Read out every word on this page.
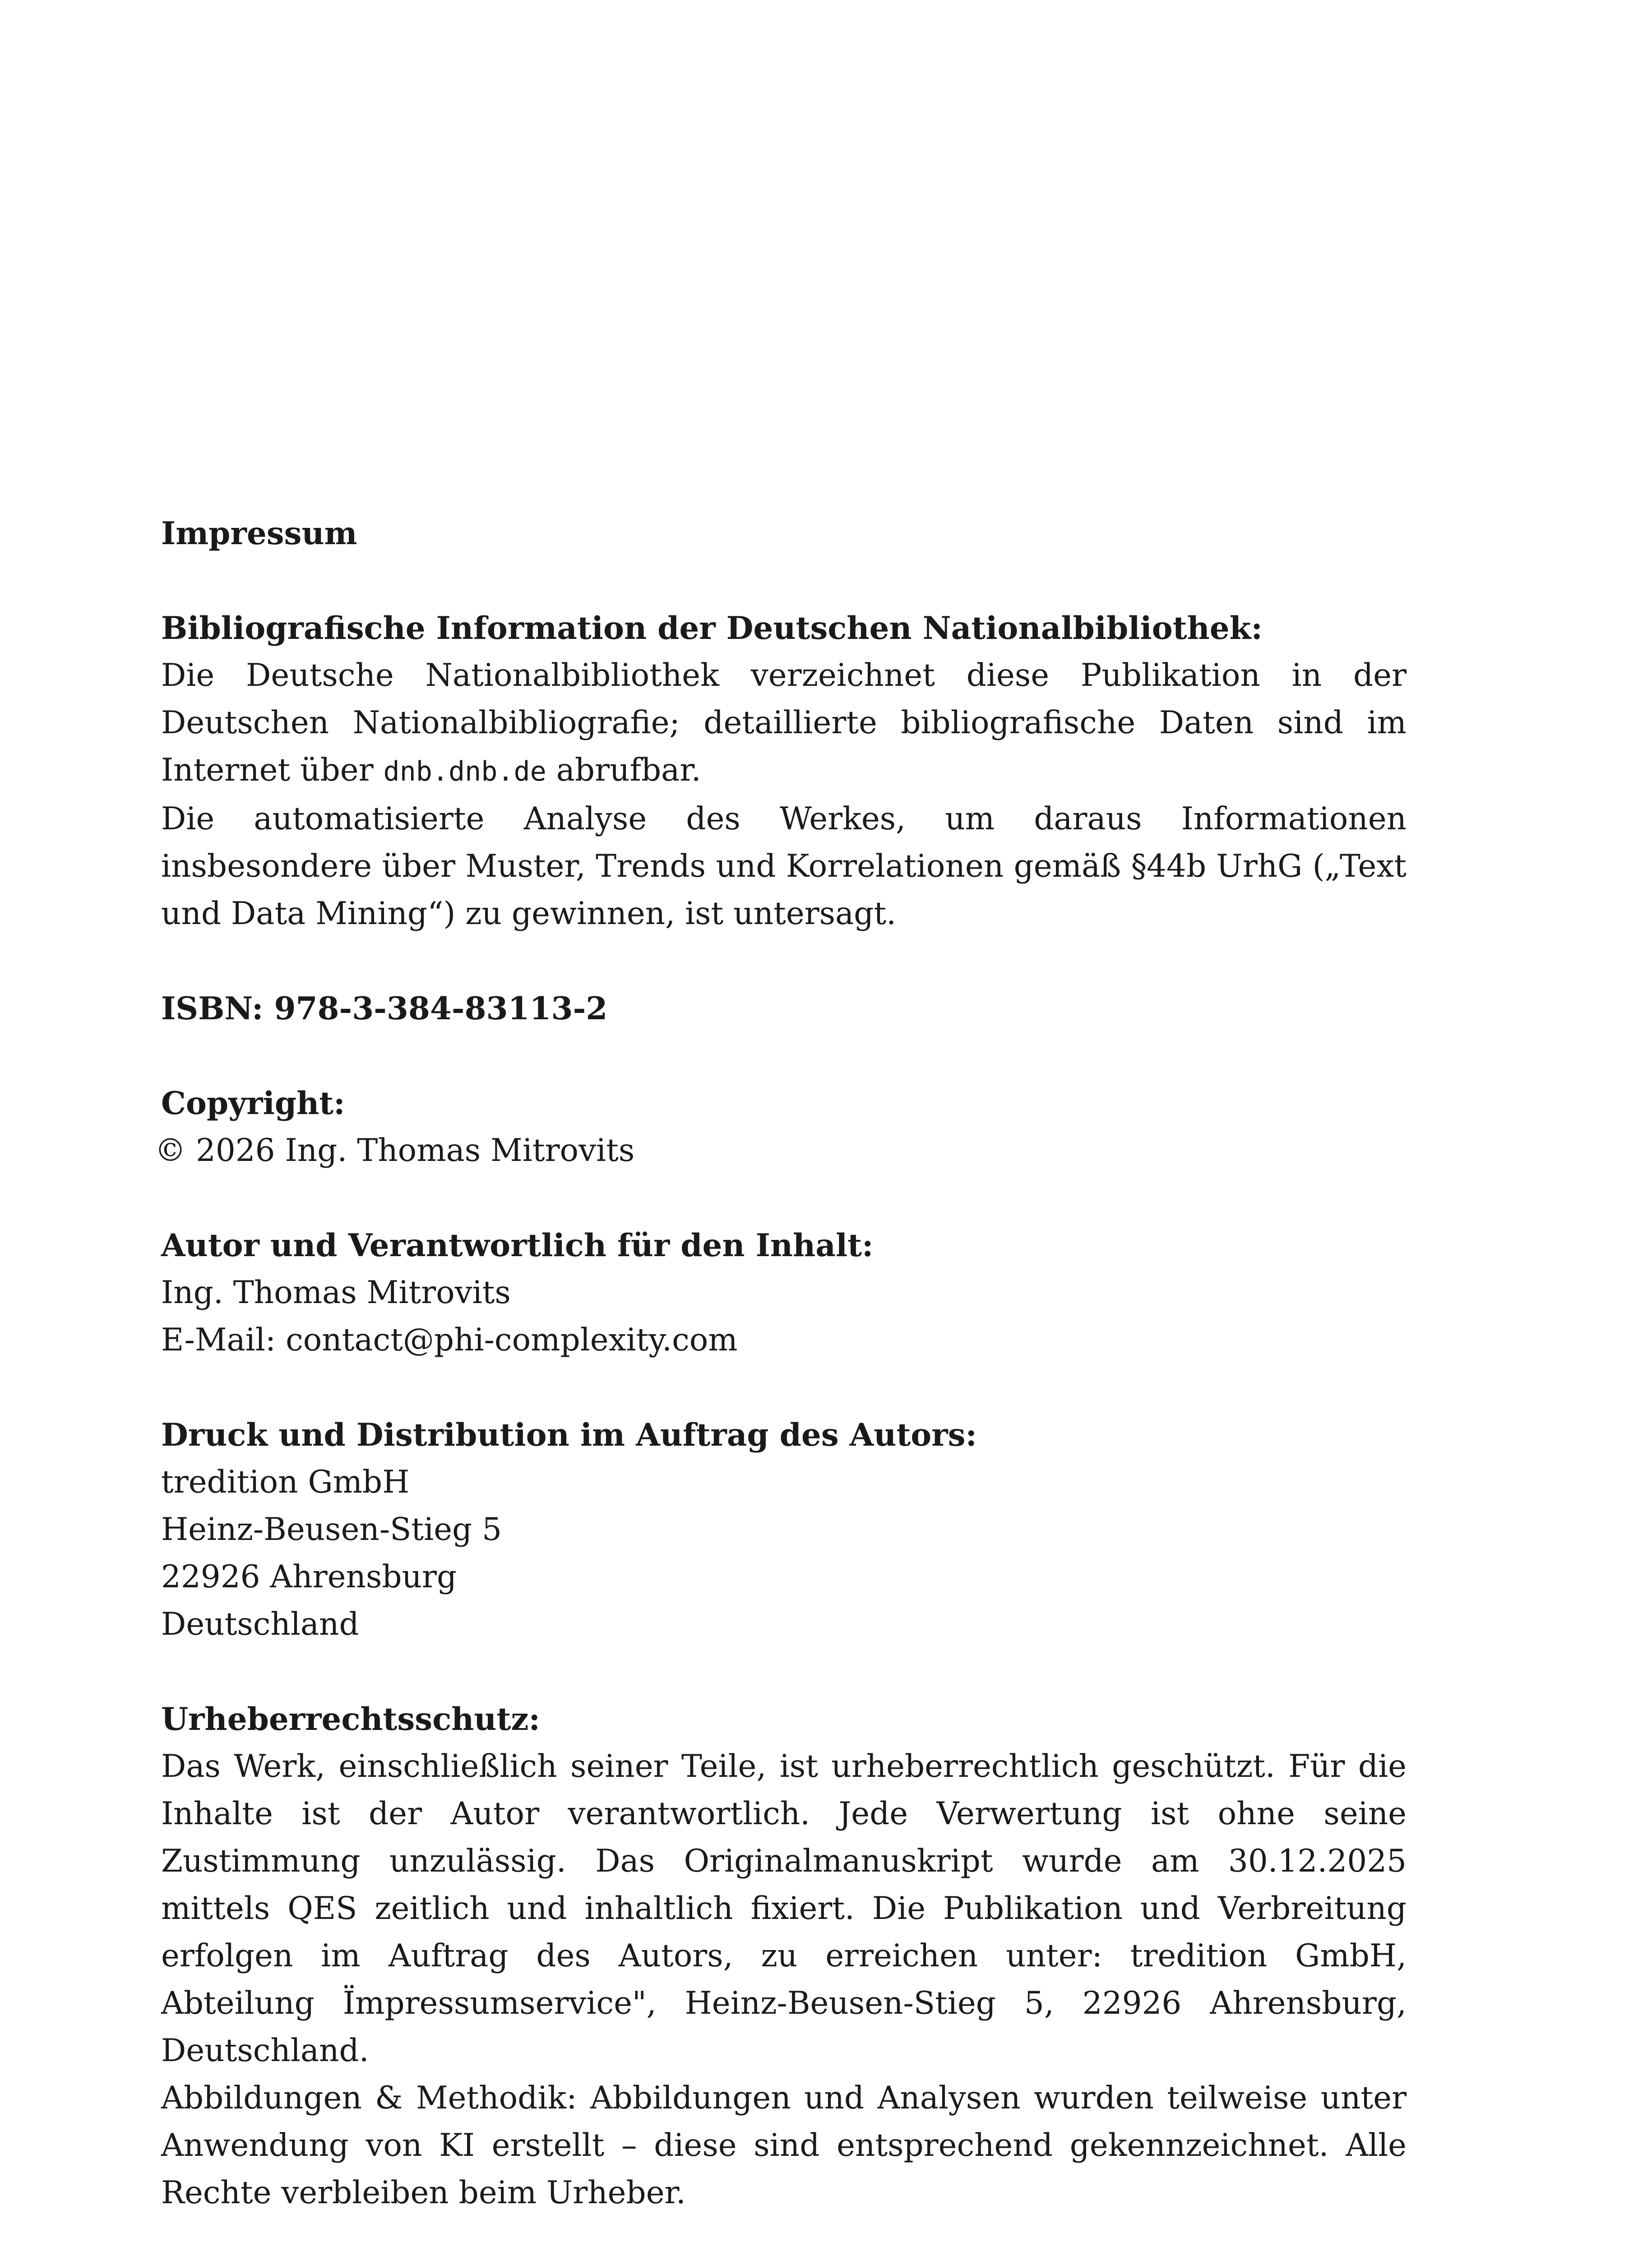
Impressum

Bibliografische Information der Deutschen Nationalbibliothek:

Die Deutsche Nationalbibliothek verzeichnet diese Publikation in der Deutschen Nationalbibliografie; detaillierte bibliografische Daten sind im Internet über dnb.dnb.de abrufbar.

Die automatisierte Analyse des Werkes, um daraus Informationen insbesondere über Muster, Trends und Korrelationen gemäß §44b UrhG („Text und Data Mining“) zu gewinnen, ist untersagt.

ISBN: 978-3-384-83113-2

Copyright:

© 2026 Ing. Thomas Mitrovits

Autor und Verantwortlich für den Inhalt:

Ing. Thomas Mitrovits

E-Mail: contact@phi-complexity.com

Druck und Distribution im Auftrag des Autors:

tredition GmbH

Heinz-Beusen-Stieg 5

22926 Ahrensburg

Deutschland

Urheberrechtsschutz:

Das Werk, einschließlich seiner Teile, ist urheberrechtlich geschützt. Für die Inhalte ist der Autor verantwortlich. Jede Verwertung ist ohne seine Zustimmung unzulässig. Das Originalmanuskript wurde am 30.12.2025 mittels QES zeitlich und inhaltlich fixiert. Die Publikation und Verbreitung erfolgen im Auftrag des Autors, zu erreichen unter: tredition GmbH, Abteilung Ïmpressumservice", Heinz-Beusen-Stieg 5, 22926 Ahrensburg, Deutschland.

Abbildungen & Methodik: Abbildungen und Analysen wurden teilweise unter Anwendung von KI erstellt – diese sind entsprechend gekennzeichnet. Alle Rechte verbleiben beim Urheber.
